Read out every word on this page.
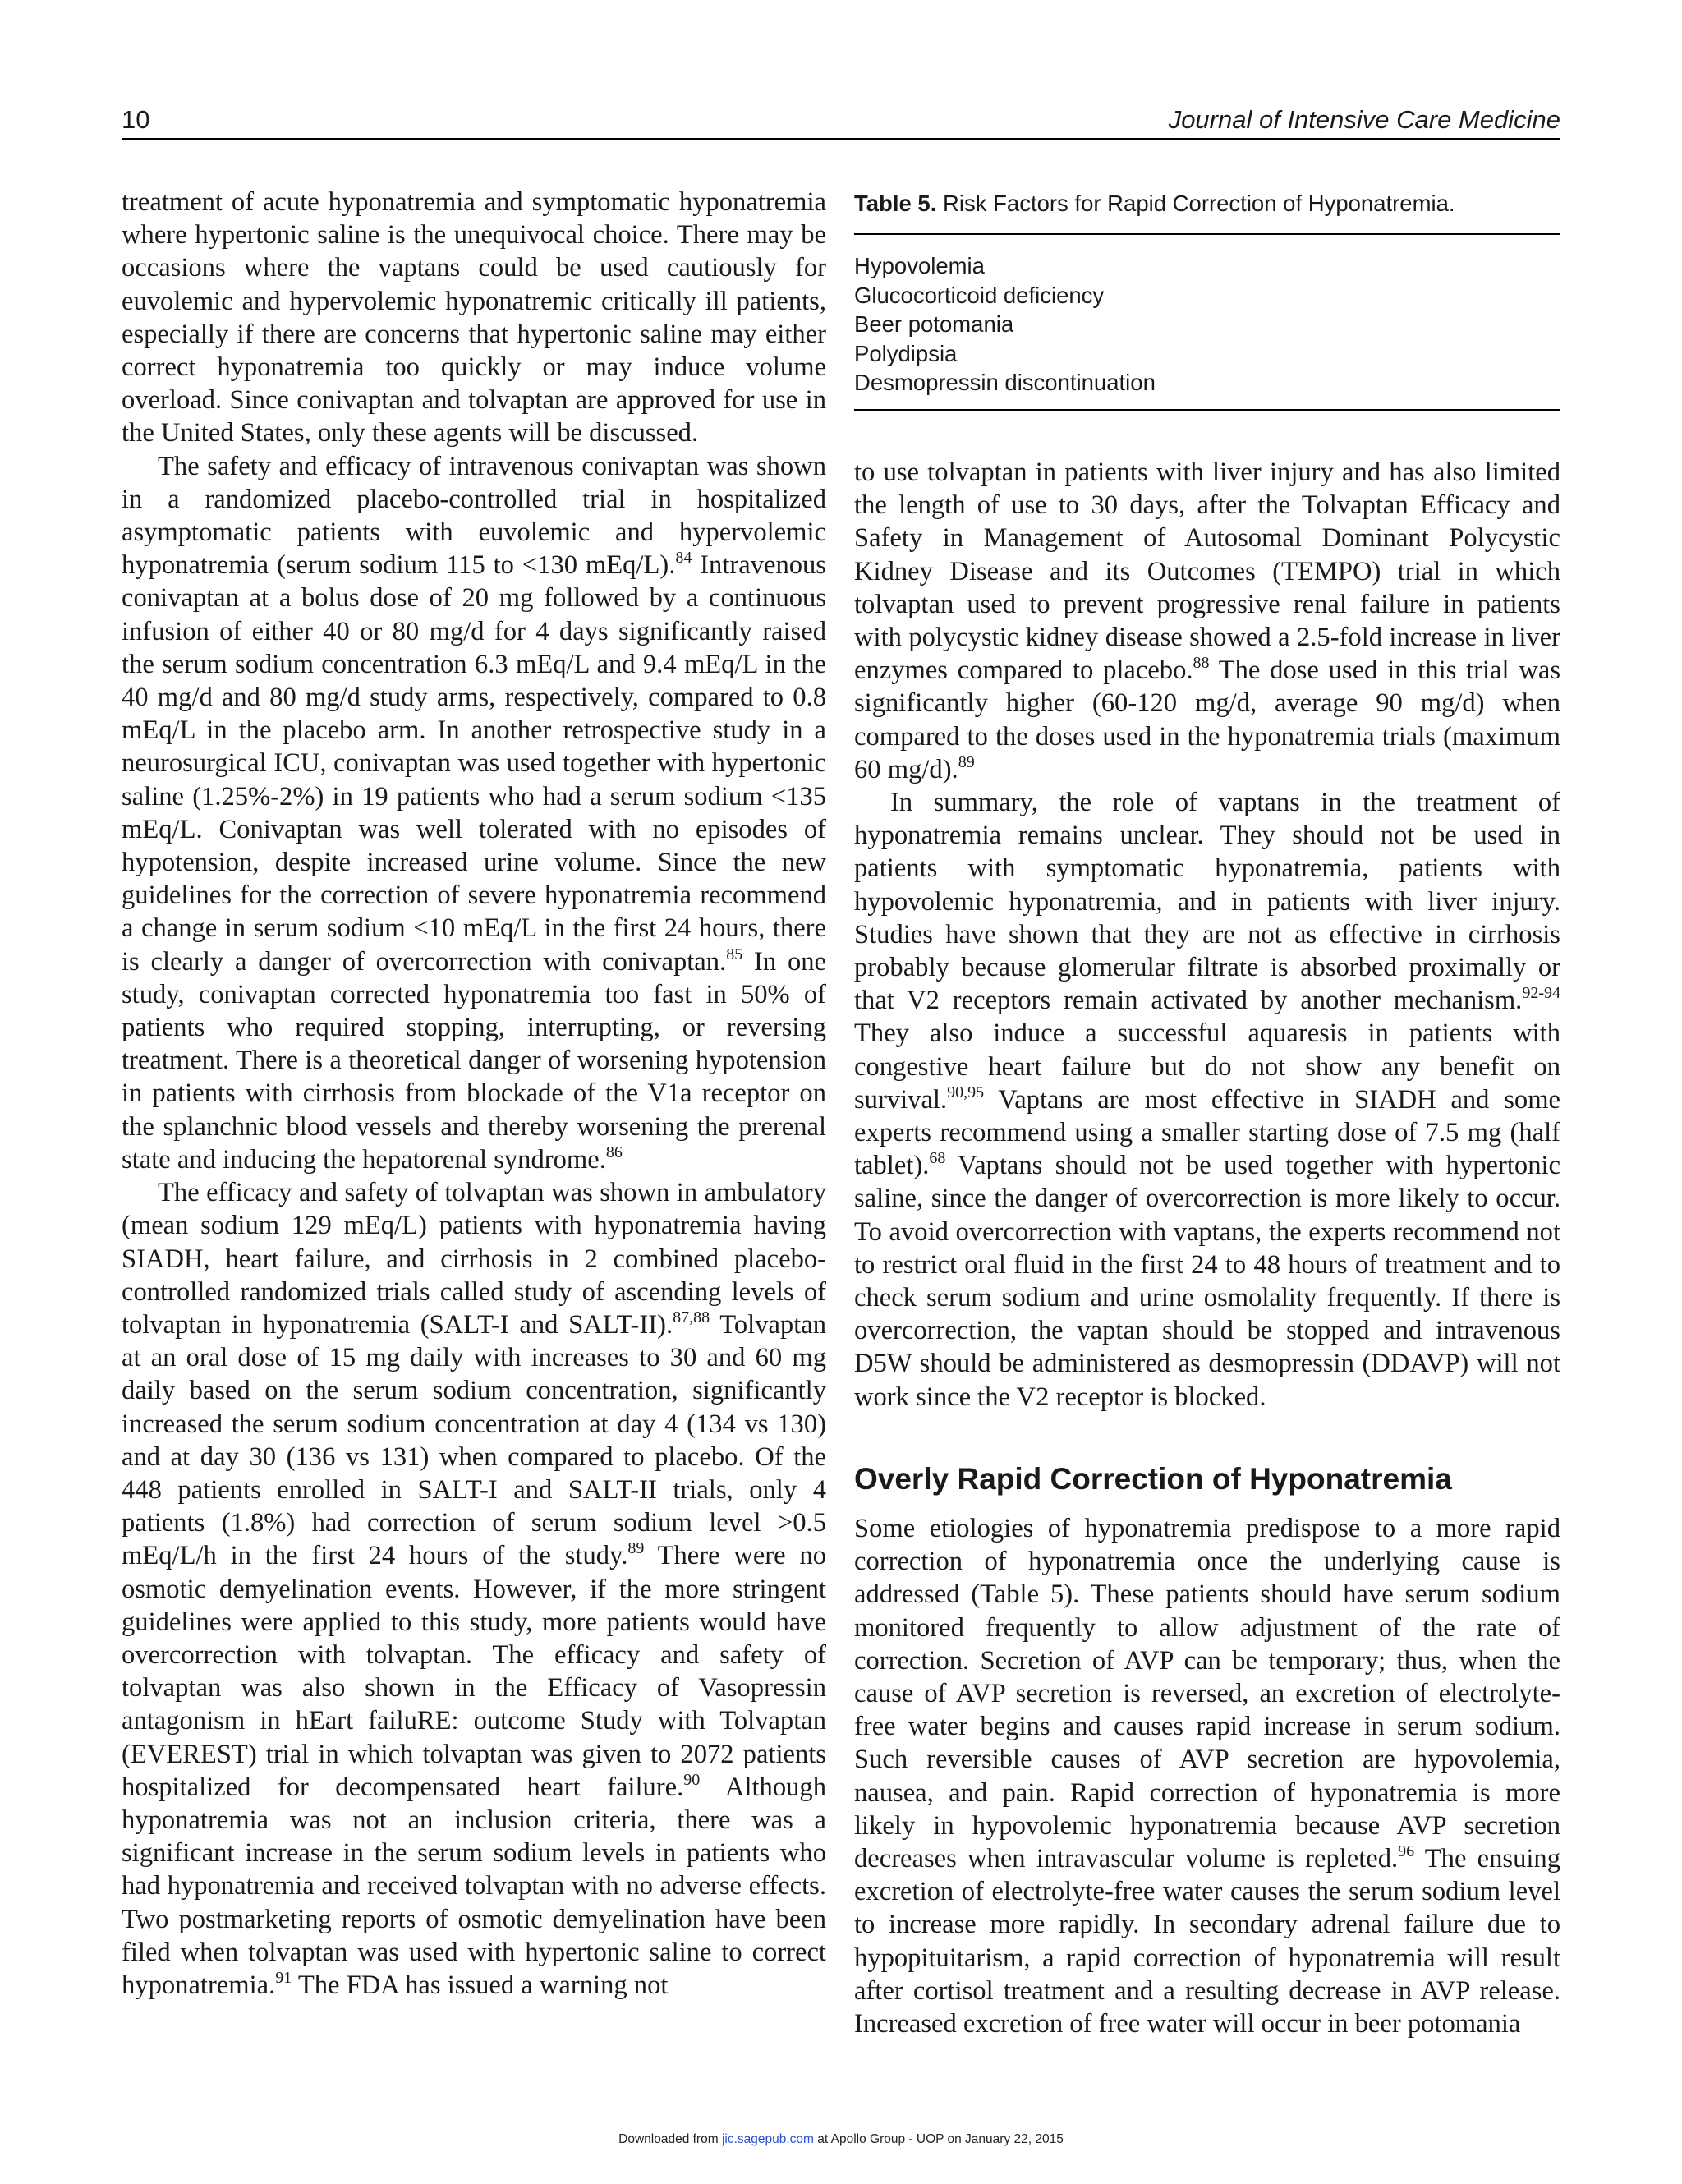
10	Journal of Intensive Care Medicine

treatment of acute hyponatremia and symptomatic hyponatremia where hypertonic saline is the unequivocal choice. There may be occasions where the vaptans could be used cautiously for euvolemic and hypervolemic hyponatremic critically ill patients, especially if there are concerns that hypertonic saline may either correct hyponatremia too quickly or may induce volume overload. Since conivaptan and tolvaptan are approved for use in the United States, only these agents will be discussed.

The safety and efficacy of intravenous conivaptan was shown in a randomized placebo-controlled trial in hospitalized asymptomatic patients with euvolemic and hypervolemic hyponatremia (serum sodium 115 to <130 mEq/L).$^{84}$ Intravenous conivaptan at a bolus dose of 20 mg followed by a continuous infusion of either 40 or 80 mg/d for 4 days significantly raised the serum sodium concentration 6.3 mEq/L and 9.4 mEq/L in the 40 mg/d and 80 mg/d study arms, respectively, compared to 0.8 mEq/L in the placebo arm. In another retrospective study in a neurosurgical ICU, conivaptan was used together with hypertonic saline (1.25%-2%) in 19 patients who had a serum sodium <135 mEq/L. Conivaptan was well tolerated with no episodes of hypotension, despite increased urine volume. Since the new guidelines for the correction of severe hyponatremia recommend a change in serum sodium <10 mEq/L in the first 24 hours, there is clearly a danger of overcorrection with conivaptan.$^{85}$ In one study, conivaptan corrected hyponatremia too fast in 50% of patients who required stopping, interrupting, or reversing treatment. There is a theoretical danger of worsening hypotension in patients with cirrhosis from blockade of the V1a receptor on the splanchnic blood vessels and thereby worsening the prerenal state and inducing the hepatorenal syndrome.$^{86}$

The efficacy and safety of tolvaptan was shown in ambulatory (mean sodium 129 mEq/L) patients with hyponatremia having SIADH, heart failure, and cirrhosis in 2 combined placebo-controlled randomized trials called study of ascending levels of tolvaptan in hyponatremia (SALT-I and SALT-II).$^{87,88}$ Tolvaptan at an oral dose of 15 mg daily with increases to 30 and 60 mg daily based on the serum sodium concentration, significantly increased the serum sodium concentration at day 4 (134 vs 130) and at day 30 (136 vs 131) when compared to placebo. Of the 448 patients enrolled in SALT-I and SALT-II trials, only 4 patients (1.8%) had correction of serum sodium level >0.5 mEq/L/h in the first 24 hours of the study.$^{89}$ There were no osmotic demyelination events. However, if the more stringent guidelines were applied to this study, more patients would have overcorrection with tolvaptan. The efficacy and safety of tolvaptan was also shown in the Efficacy of Vasopressin antagonism in hEart failuRE: outcome Study with Tolvaptan (EVEREST) trial in which tolvaptan was given to 2072 patients hospitalized for decompensated heart failure.$^{90}$ Although hyponatremia was not an inclusion criteria, there was a significant increase in the serum sodium levels in patients who had hyponatremia and received tolvaptan with no adverse effects. Two postmarketing reports of osmotic demyelination have been filed when tolvaptan was used with hypertonic saline to correct hyponatremia.$^{91}$ The FDA has issued a warning not

Table 5. Risk Factors for Rapid Correction of Hyponatremia.

Hypovolemia
Glucocorticoid deficiency
Beer potomania
Polydipsia
Desmopressin discontinuation

to use tolvaptan in patients with liver injury and has also limited the length of use to 30 days, after the Tolvaptan Efficacy and Safety in Management of Autosomal Dominant Polycystic Kidney Disease and its Outcomes (TEMPO) trial in which tolvaptan used to prevent progressive renal failure in patients with polycystic kidney disease showed a 2.5-fold increase in liver enzymes compared to placebo.$^{88}$ The dose used in this trial was significantly higher (60-120 mg/d, average 90 mg/d) when compared to the doses used in the hyponatremia trials (maximum 60 mg/d).$^{89}$

In summary, the role of vaptans in the treatment of hyponatremia remains unclear. They should not be used in patients with symptomatic hyponatremia, patients with hypovolemic hyponatremia, and in patients with liver injury. Studies have shown that they are not as effective in cirrhosis probably because glomerular filtrate is absorbed proximally or that V2 receptors remain activated by another mechanism.$^{92-94}$ They also induce a successful aquaresis in patients with congestive heart failure but do not show any benefit on survival.$^{90,95}$ Vaptans are most effective in SIADH and some experts recommend using a smaller starting dose of 7.5 mg (half tablet).$^{68}$ Vaptans should not be used together with hypertonic saline, since the danger of overcorrection is more likely to occur. To avoid overcorrection with vaptans, the experts recommend not to restrict oral fluid in the first 24 to 48 hours of treatment and to check serum sodium and urine osmolality frequently. If there is overcorrection, the vaptan should be stopped and intravenous D5W should be administered as desmopressin (DDAVP) will not work since the V2 receptor is blocked.

Overly Rapid Correction of Hyponatremia

Some etiologies of hyponatremia predispose to a more rapid correction of hyponatremia once the underlying cause is addressed (Table 5). These patients should have serum sodium monitored frequently to allow adjustment of the rate of correction. Secretion of AVP can be temporary; thus, when the cause of AVP secretion is reversed, an excretion of electrolyte-free water begins and causes rapid increase in serum sodium. Such reversible causes of AVP secretion are hypovolemia, nausea, and pain. Rapid correction of hyponatremia is more likely in hypovolemic hyponatremia because AVP secretion decreases when intravascular volume is repleted.$^{96}$ The ensuing excretion of electrolyte-free water causes the serum sodium level to increase more rapidly. In secondary adrenal failure due to hypopituitarism, a rapid correction of hyponatremia will result after cortisol treatment and a resulting decrease in AVP release. Increased excretion of free water will occur in beer potomania

Downloaded from jic.sagepub.com at Apollo Group - UOP on January 22, 2015
